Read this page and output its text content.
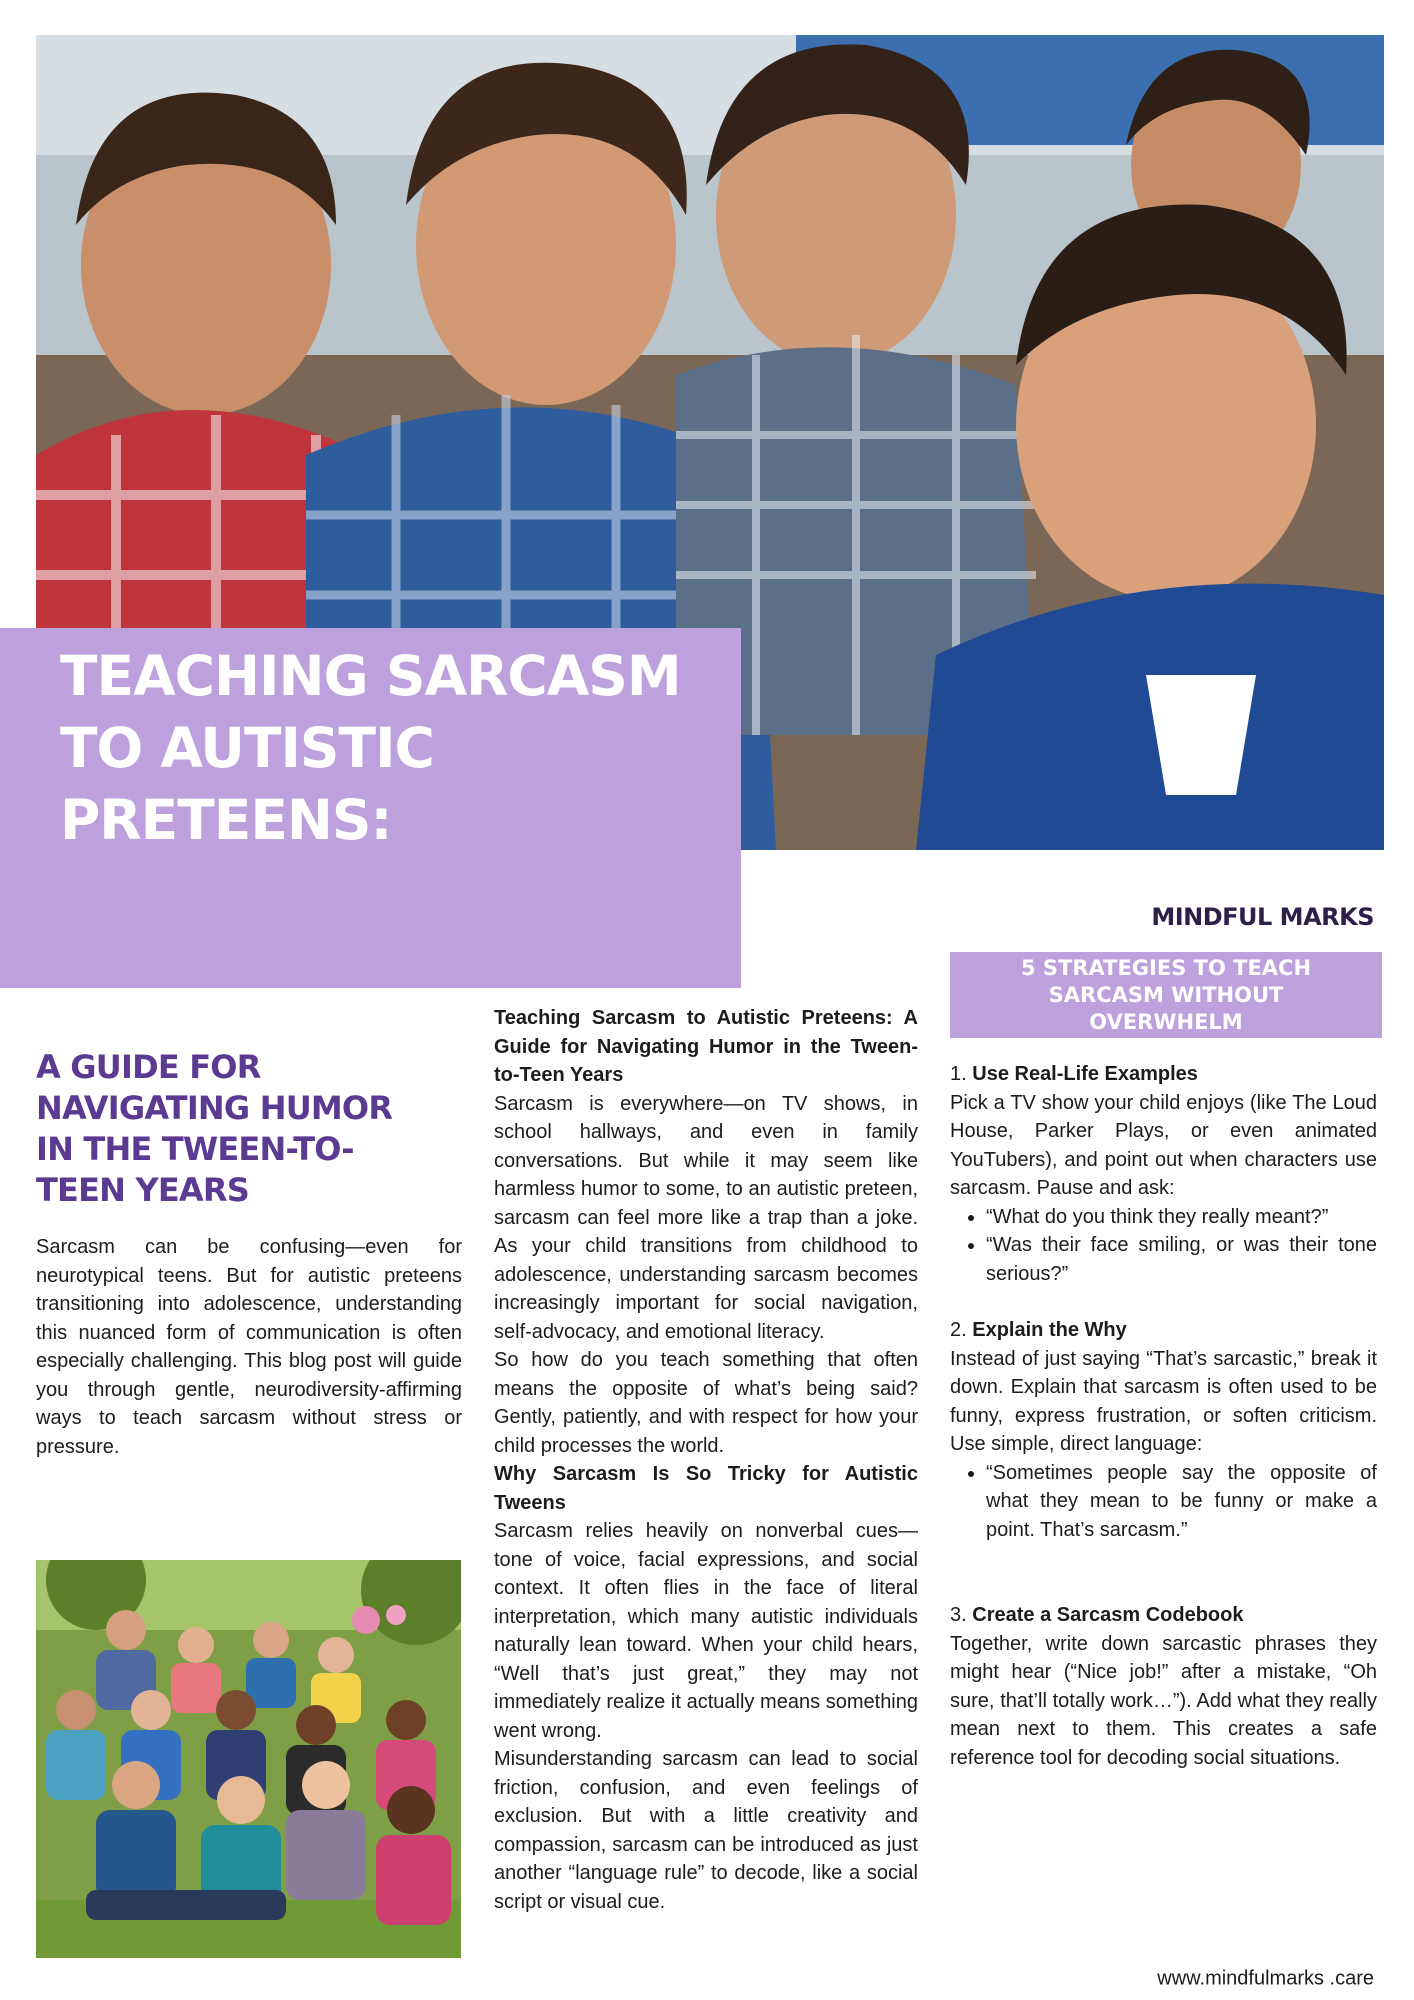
TEACHING SARCASM TO AUTISTIC PRETEENS:
MINDFUL MARKS
5 STRATEGIES TO TEACH SARCASM WITHOUT OVERWHELM
A GUIDE FOR NAVIGATING HUMOR IN THE TWEEN-TO-TEEN YEARS

Sarcasm can be confusing—even for neurotypical teens. But for autistic preteens transitioning into adolescence, understanding this nuanced form of communication is often especially challenging. This blog post will guide you through gentle, neurodiversity-affirming ways to teach sarcasm without stress or pressure.

Teaching Sarcasm to Autistic Preteens: A Guide for Navigating Humor in the Tween-to-Teen Years

Sarcasm is everywhere—on TV shows, in school hallways, and even in family conversations. But while it may seem like harmless humor to some, to an autistic preteen, sarcasm can feel more like a trap than a joke. As your child transitions from childhood to adolescence, understanding sarcasm becomes increasingly important for social navigation, self-advocacy, and emotional literacy.

So how do you teach something that often means the opposite of what’s being said? Gently, patiently, and with respect for how your child processes the world.

Why Sarcasm Is So Tricky for Autistic Tweens

Sarcasm relies heavily on nonverbal cues—tone of voice, facial expressions, and social context. It often flies in the face of literal interpretation, which many autistic individuals naturally lean toward. When your child hears, “Well that’s just great,” they may not immediately realize it actually means something went wrong.

Misunderstanding sarcasm can lead to social friction, confusion, and even feelings of exclusion. But with a little creativity and compassion, sarcasm can be introduced as just another “language rule” to decode, like a social script or visual cue.

1. Use Real-Life Examples

Pick a TV show your child enjoys (like The Loud House, Parker Plays, or even animated YouTubers), and point out when characters use sarcasm. Pause and ask:

• “What do you think they really meant?”
• “Was their face smiling, or was their tone serious?”

2. Explain the Why

Instead of just saying “That’s sarcastic,” break it down. Explain that sarcasm is often used to be funny, express frustration, or soften criticism. Use simple, direct language:

• “Sometimes people say the opposite of what they mean to be funny or make a point. That’s sarcasm.”

3. Create a Sarcasm Codebook

Together, write down sarcastic phrases they might hear (“Nice job!” after a mistake, “Oh sure, that’ll totally work…”). Add what they really mean next to them. This creates a safe reference tool for decoding social situations.

www.mindfulmarks .care
